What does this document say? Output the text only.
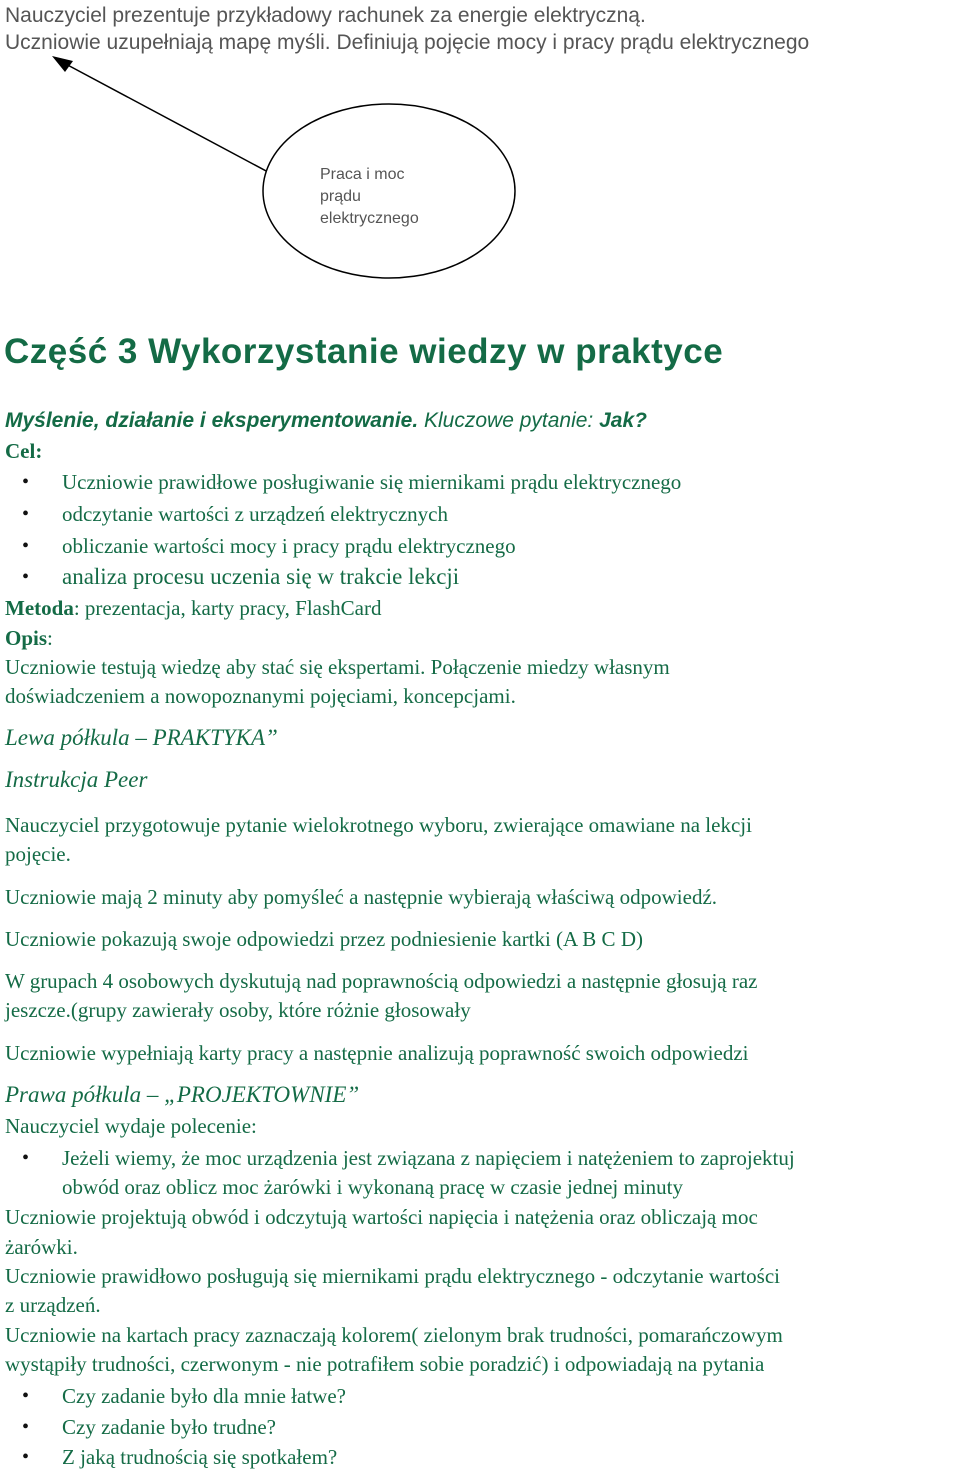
Nauczyciel prezentuje przykładowy rachunek za energie elektryczną.
Uczniowie uzupełniają mapę myśli. Definiują pojęcie mocy i pracy prądu elektrycznego
Praca i moc
prądu
elektrycznego
Część 3 Wykorzystanie wiedzy w praktyce
Myślenie, działanie i eksperymentowanie. Kluczowe pytanie: Jak?
Cel:
• Uczniowie prawidłowe posługiwanie się miernikami prądu elektrycznego
• odczytanie wartości z urządzeń elektrycznych
• obliczanie wartości mocy i pracy prądu elektrycznego
• analiza procesu uczenia się w trakcie lekcji
Metoda: prezentacja, karty pracy, FlashCard
Opis:
Uczniowie testują wiedzę aby stać się ekspertami. Połączenie miedzy własnym
doświadczeniem a nowopoznanymi pojęciami, koncepcjami.
Lewa półkula – PRAKTYKA”
Instrukcja Peer
Nauczyciel przygotowuje pytanie wielokrotnego wyboru, zwierające omawiane na lekcji
pojęcie.
Uczniowie mają 2 minuty aby pomyśleć a następnie wybierają właściwą odpowiedź.
Uczniowie pokazują swoje odpowiedzi przez podniesienie kartki (A B C D)
W grupach 4 osobowych dyskutują nad poprawnością odpowiedzi a następnie głosują raz
jeszcze.(grupy zawierały osoby, które różnie głosowały
Uczniowie wypełniają karty pracy a następnie analizują poprawność swoich odpowiedzi
Prawa półkula – „PROJEKTOWNIE”
Nauczyciel wydaje polecenie:
• Jeżeli wiemy, że moc urządzenia jest związana z napięciem i natężeniem to zaprojektuj
obwód oraz oblicz moc żarówki i wykonaną pracę w czasie jednej minuty
Uczniowie projektują obwód i odczytują wartości napięcia i natężenia oraz obliczają moc
żarówki.
Uczniowie prawidłowo posługują się miernikami prądu elektrycznego - odczytanie wartości
z urządzeń.
Uczniowie na kartach pracy zaznaczają kolorem( zielonym brak trudności, pomarańczowym
wystąpiły trudności, czerwonym - nie potrafiłem sobie poradzić) i odpowiadają na pytania
• Czy zadanie było dla mnie łatwe?
• Czy zadanie było trudne?
• Z jaką trudnością się spotkałem?
